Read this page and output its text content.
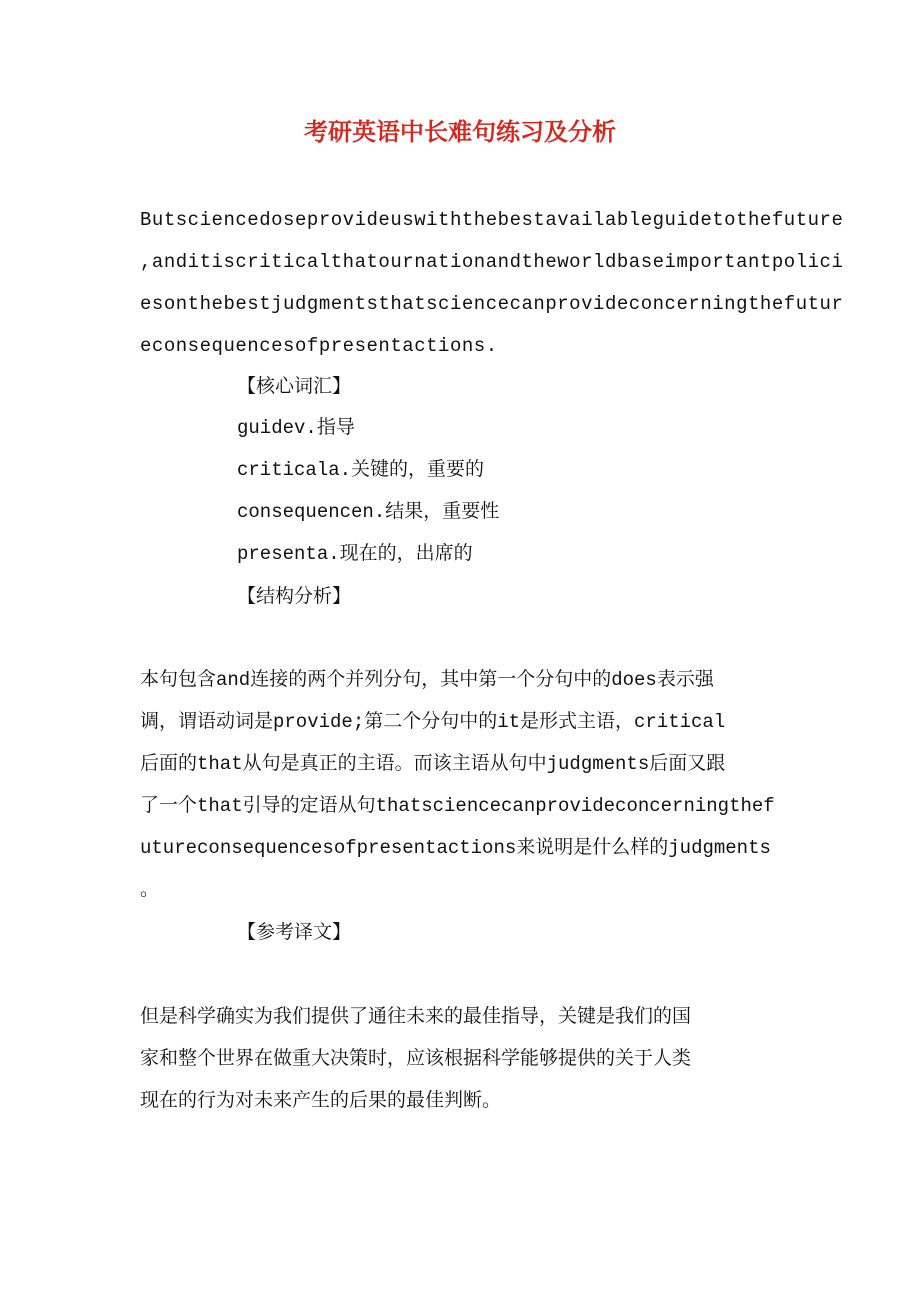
考研英语中长难句练习及分析
Butsciencedoseprovideuswiththebestavailableguidetothefuture
,anditiscriticalthatournationandtheworldbaseimportantpolici
esonthebestjudgmentsthatsciencecanprovideconcerningthefutur
econsequencesofpresentactions.
【核心词汇】
guidev.指导
criticala.关键的，重要的
consequencen.结果，重要性
presenta.现在的，出席的
【结构分析】
本句包含and连接的两个并列分句，其中第一个分句中的does表示强
调，谓语动词是provide;第二个分句中的it是形式主语，critical
后面的that从句是真正的主语。而该主语从句中judgments后面又跟
了一个that引导的定语从句thatsciencecanprovideconcerningthef
utureconsequencesofpresentactions来说明是什么样的judgments
。
【参考译文】
但是科学确实为我们提供了通往未来的最佳指导，关键是我们的国
家和整个世界在做重大决策时，应该根据科学能够提供的关于人类
现在的行为对未来产生的后果的最佳判断。
